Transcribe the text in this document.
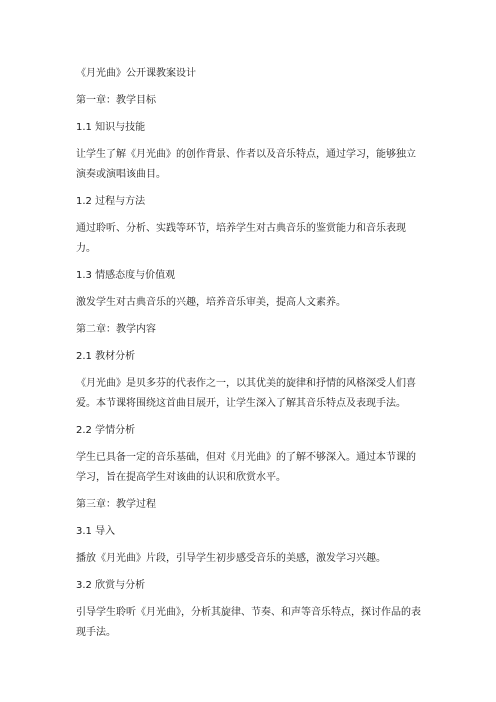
《月光曲》公开课教案设计

第一章：教学目标

1.1 知识与技能

让学生了解《月光曲》的创作背景、作者以及音乐特点，通过学习，能够独立演奏或演唱该曲目。

1.2 过程与方法

通过聆听、分析、实践等环节，培养学生对古典音乐的鉴赏能力和音乐表现力。

1.3 情感态度与价值观

激发学生对古典音乐的兴趣，培养音乐审美，提高人文素养。

第二章：教学内容

2.1 教材分析

《月光曲》是贝多芬的代表作之一，以其优美的旋律和抒情的风格深受人们喜爱。本节课将围绕这首曲目展开，让学生深入了解其音乐特点及表现手法。

2.2 学情分析

学生已具备一定的音乐基础，但对《月光曲》的了解不够深入。通过本节课的学习，旨在提高学生对该曲的认识和欣赏水平。

第三章：教学过程

3.1 导入

播放《月光曲》片段，引导学生初步感受音乐的美感，激发学习兴趣。

3.2 欣赏与分析

引导学生聆听《月光曲》，分析其旋律、节奏、和声等音乐特点，探讨作品的表现手法。
